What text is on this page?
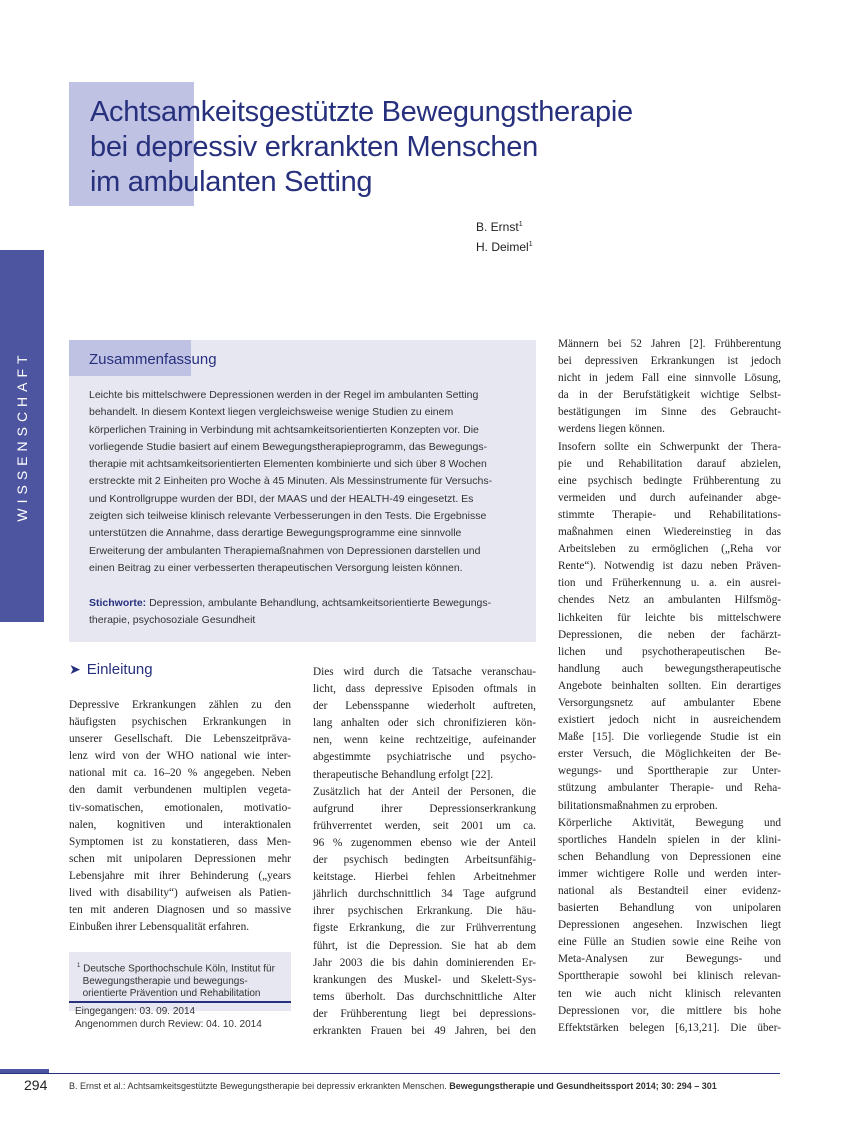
WISSENSCHAFT
Achtsamkeitsgestützte Bewegungstherapie
bei depressiv erkrankten Menschen
im ambulanten Setting
B. Ernst$^1$
H. Deimel$^1$
Zusammenfassung
Leichte bis mittelschwere Depressionen werden in der Regel im ambulanten Setting
behandelt. In diesem Kontext liegen vergleichsweise wenige Studien zu einem
körperlichen Training in Verbindung mit achtsamkeitsorientierten Konzepten vor. Die
vorliegende Studie basiert auf einem Bewegungstherapieprogramm, das Bewegungs-
therapie mit achtsamkeitsorientierten Elementen kombinierte und sich über 8 Wochen
erstreckte mit 2 Einheiten pro Woche à 45 Minuten. Als Messinstrumente für Versuchs-
und Kontrollgruppe wurden der BDI, der MAAS und der HEALTH-49 eingesetzt. Es
zeigten sich teilweise klinisch relevante Verbesserungen in den Tests. Die Ergebnisse
unterstützen die Annahme, dass derartige Bewegungsprogramme eine sinnvolle
Erweiterung der ambulanten Therapiemaßnahmen von Depressionen darstellen und
einen Beitrag zu einer verbesserten therapeutischen Versorgung leisten können.
Stichworte: Depression, ambulante Behandlung, achtsamkeitsorientierte Bewegungs-
therapie, psychosoziale Gesundheit
➤ Einleitung
Depressive Erkrankungen zählen zu den
häufigsten psychischen Erkrankungen in
unserer Gesellschaft. Die Lebenszeitpräva-
lenz wird von der WHO national wie inter-
national mit ca. 16–20 % angegeben. Neben
den damit verbundenen multiplen vegeta-
tiv-somatischen, emotionalen, motivatio-
nalen, kognitiven und interaktionalen
Symptomen ist zu konstatieren, dass Men-
schen mit unipolaren Depressionen mehr
Lebensjahre mit ihrer Behinderung („years
lived with disability“) aufweisen als Patien-
ten mit anderen Diagnosen und so massive
Einbußen ihrer Lebensqualität erfahren.
Dies wird durch die Tatsache veranschau-
licht, dass depressive Episoden oftmals in
der Lebensspanne wiederholt auftreten,
lang anhalten oder sich chronifizieren kön-
nen, wenn keine rechtzeitige, aufeinander
abgestimmte psychiatrische und psycho-
therapeutische Behandlung erfolgt [22].
Zusätzlich hat der Anteil der Personen, die
aufgrund ihrer Depressionserkrankung
frühverrentet werden, seit 2001 um ca.
96 % zugenommen ebenso wie der Anteil
der psychisch bedingten Arbeitsunfähig-
keitstage. Hierbei fehlen Arbeitnehmer
jährlich durchschnittlich 34 Tage aufgrund
ihrer psychischen Erkrankung. Die häu-
figste Erkrankung, die zur Frühverrentung
führt, ist die Depression. Sie hat ab dem
Jahr 2003 die bis dahin dominierenden Er-
krankungen des Muskel- und Skelett-Sys-
tems überholt. Das durchschnittliche Alter
der Frühberentung liegt bei depressions-
erkrankten Frauen bei 49 Jahren, bei den
Männern bei 52 Jahren [2]. Frühberentung
bei depressiven Erkrankungen ist jedoch
nicht in jedem Fall eine sinnvolle Lösung,
da in der Berufstätigkeit wichtige Selbst-
bestätigungen im Sinne des Gebraucht-
werdens liegen können.
Insofern sollte ein Schwerpunkt der Thera-
pie und Rehabilitation darauf abzielen,
eine psychisch bedingte Frühberentung zu
vermeiden und durch aufeinander abge-
stimmte Therapie- und Rehabilitations-
maßnahmen einen Wiedereinstieg in das
Arbeitsleben zu ermöglichen („Reha vor
Rente“). Notwendig ist dazu neben Präven-
tion und Früherkennung u. a. ein ausrei-
chendes Netz an ambulanten Hilfsmög-
lichkeiten für leichte bis mittelschwere
Depressionen, die neben der fachärzt-
lichen und psychotherapeutischen Be-
handlung auch bewegungstherapeutische
Angebote beinhalten sollten. Ein derartiges
Versorgungsnetz auf ambulanter Ebene
existiert jedoch nicht in ausreichendem
Maße [15]. Die vorliegende Studie ist ein
erster Versuch, die Möglichkeiten der Be-
wegungs- und Sporttherapie zur Unter-
stützung ambulanter Therapie- und Reha-
bilitationsmaßnahmen zu erproben.
Körperliche Aktivität, Bewegung und
sportliches Handeln spielen in der klini-
schen Behandlung von Depressionen eine
immer wichtigere Rolle und werden inter-
national als Bestandteil einer evidenz-
basierten Behandlung von unipolaren
Depressionen angesehen. Inzwischen liegt
eine Fülle an Studien sowie eine Reihe von
Meta-Analysen zur Bewegungs- und
Sporttherapie sowohl bei klinisch relevan-
ten wie auch nicht klinisch relevanten
Depressionen vor, die mittlere bis hohe
Effektstärken belegen [6,13,21]. Die über-
$^1$ Deutsche Sporthochschule Köln, Institut für
Bewegungstherapie und bewegungs-
orientierte Prävention und Rehabilitation
Eingegangen: 03. 09. 2014
Angenommen durch Review: 04. 10. 2014
294 B. Ernst et al.: Achtsamkeitsgestützte Bewegungstherapie bei depressiv erkrankten Menschen. Bewegungstherapie und Gesundheitssport 2014; 30: 294 – 301
